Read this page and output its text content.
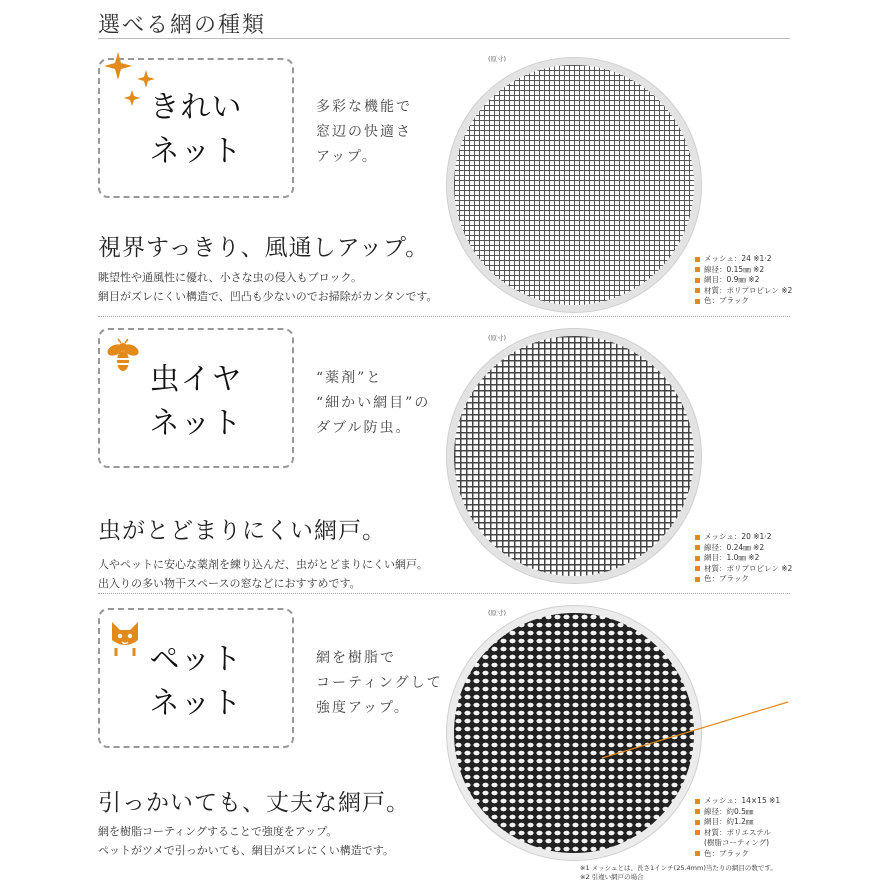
選べる網の種類
きれい
ネット
多彩な機能で
窓辺の快適さ
アップ。
視界すっきり、風通しアップ。
眺望性や通風性に優れ、小さな虫の侵入もブロック。
網目がズレにくい構造で、凹凸も少ないのでお掃除がカンタンです。
(原寸)
メッシュ：24 ※1·2
線径：0.15㎜ ※2
網目：0.9㎜ ※2
材質：ポリプロピレン ※2
色：ブラック
虫イヤ
ネット
“薬剤”と
“細かい網目”の
ダブル防虫。
虫がとどまりにくい網戸。
人やペットに安心な薬剤を練り込んだ、虫がとどまりにくい網戸。
出入りの多い物干スペースの窓などにおすすめです。
(原寸)
メッシュ：20 ※1·2
線径：0.24㎜ ※2
網目：1.0㎜ ※2
材質：ポリプロピレン ※2
色：ブラック
ペット
ネット
網を樹脂で
コーティングして
強度アップ。
引っかいても、丈夫な網戸。
網を樹脂コーティングすることで強度をアップ。
ペットがツメで引っかいても、網目がズレにくい構造です。
(原寸)
メッシュ：14×15 ※1
線径：約0.5㎜
網目：約1.2㎜
材質：ポリエステル
(樹脂コーティング)
色：ブラック
※1 メッシュとは、長さ1インチ(25.4mm)当たりの網目の数です。
※2 引違い網戸の場合
